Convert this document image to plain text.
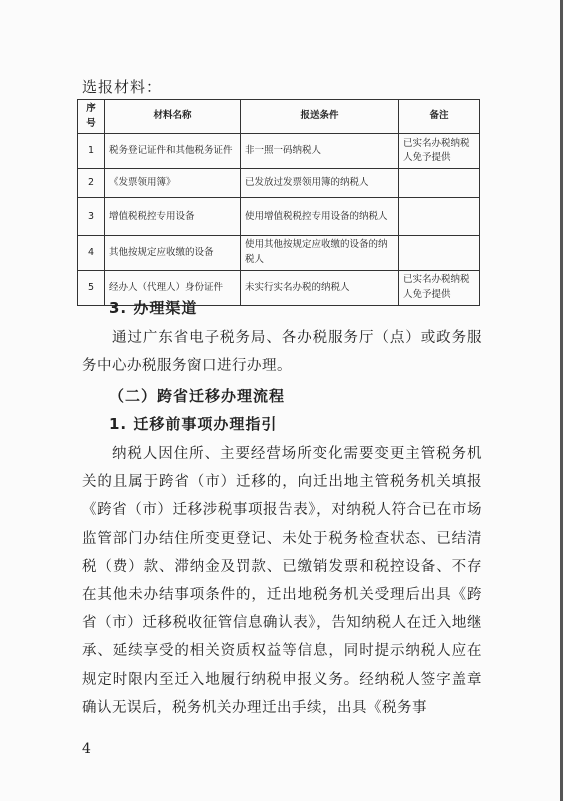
选报材料：
序号	材料名称	报送条件	备注
1	税务登记证件和其他税务证件	非一照一码纳税人	已实名办税纳税人免予提供
2	《发票领用簿》	已发放过发票领用簿的纳税人	
3	增值税税控专用设备	使用增值税税控专用设备的纳税人	
4	其他按规定应收缴的设备	使用其他按规定应收缴的设备的纳税人	
5	经办人（代理人）身份证件	未实行实名办税的纳税人	已实名办税纳税人免予提供
3. 办理渠道
通过广东省电子税务局、各办税服务厅（点）或政务服务中心办税服务窗口进行办理。
（二）跨省迁移办理流程
1. 迁移前事项办理指引
纳税人因住所、主要经营场所变化需要变更主管税务机关的且属于跨省（市）迁移的，向迁出地主管税务机关填报《跨省（市）迁移涉税事项报告表》，对纳税人符合已在市场监管部门办结住所变更登记、未处于税务检查状态、已结清税（费）款、滞纳金及罚款、已缴销发票和税控设备、不存在其他未办结事项条件的，迁出地税务机关受理后出具《跨省（市）迁移税收征管信息确认表》，告知纳税人在迁入地继承、延续享受的相关资质权益等信息，同时提示纳税人应在规定时限内至迁入地履行纳税申报义务。经纳税人签字盖章确认无误后，税务机关办理迁出手续，出具《税务事
4
